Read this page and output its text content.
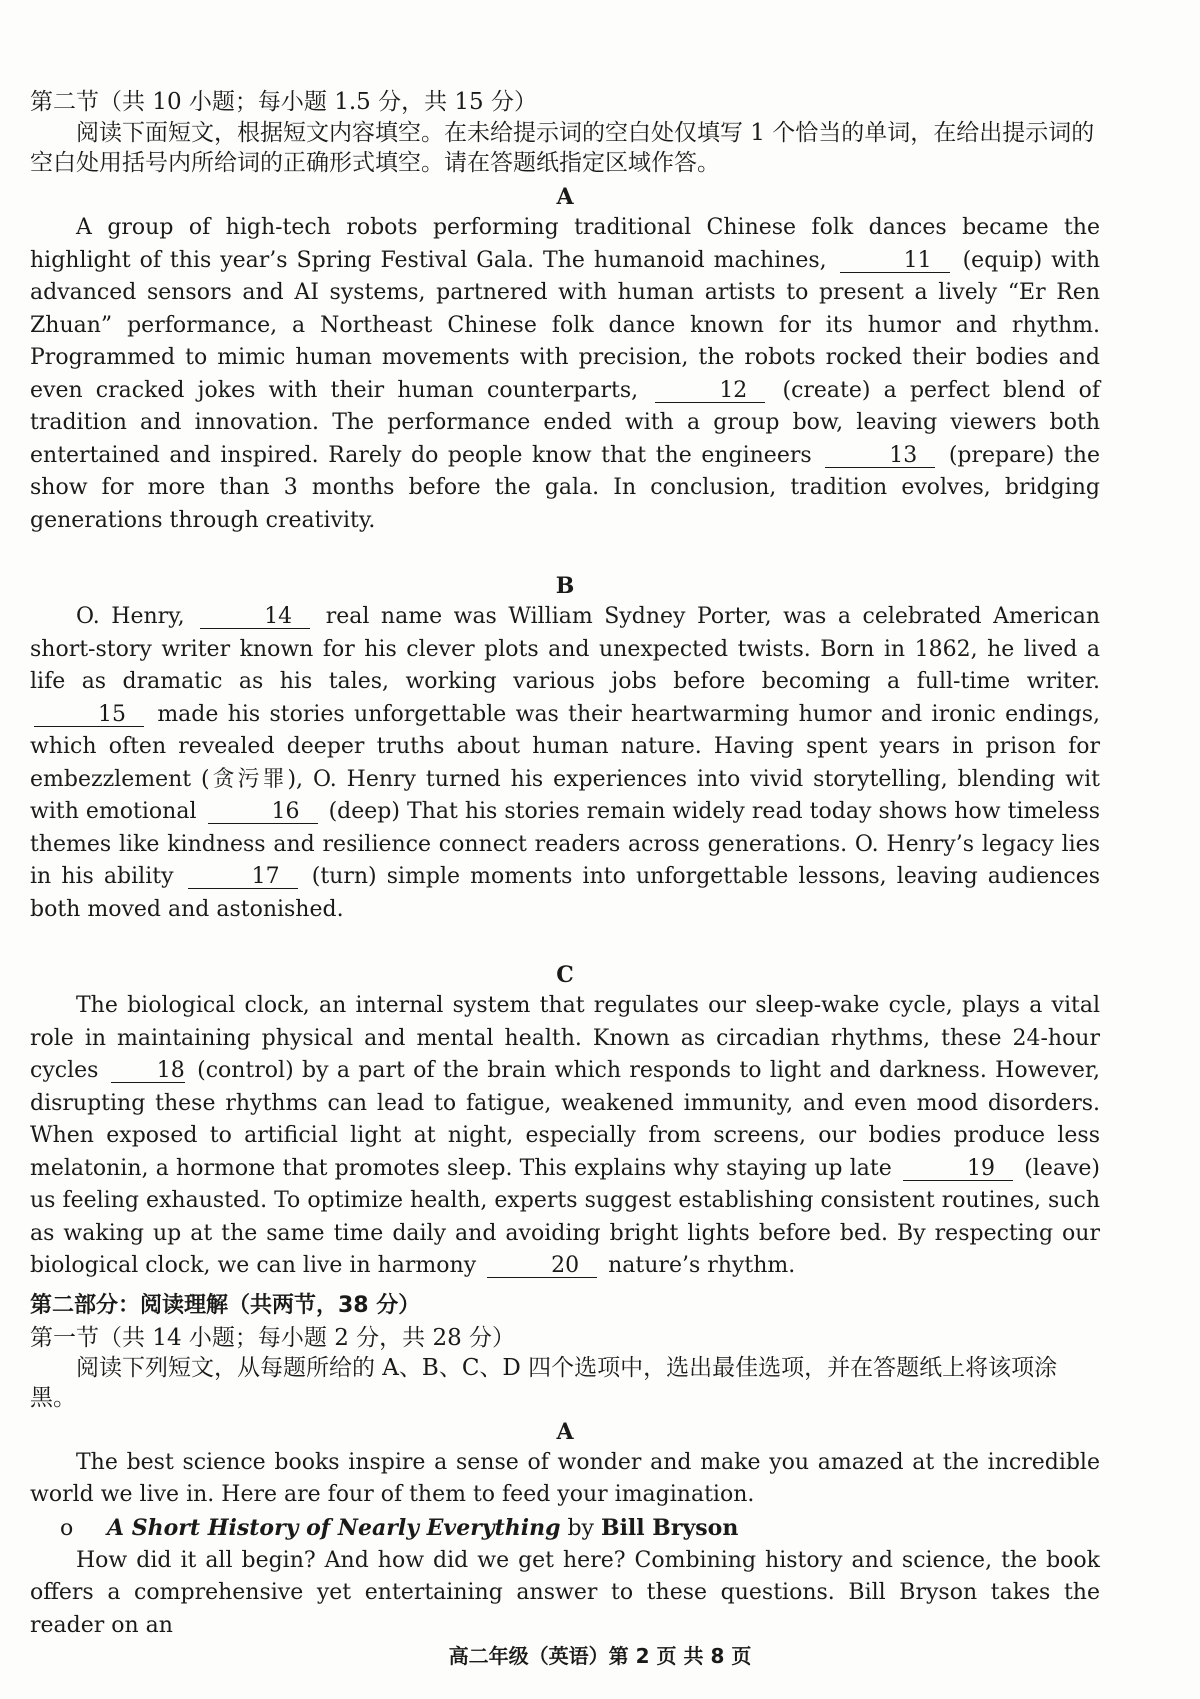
第二节（共 10 小题；每小题 1.5 分，共 15 分）

阅读下面短文，根据短文内容填空。在未给提示词的空白处仅填写 1 个恰当的单词，在给出提示词的空白处用括号内所给词的正确形式填空。请在答题纸指定区域作答。

A

A group of high-tech robots performing traditional Chinese folk dances became the highlight of this year’s Spring Festival Gala. The humanoid machines,	11 (equip) with advanced sensors and AI systems, partnered with human artists to present a lively “Er Ren Zhuan” performance, a Northeast Chinese folk dance known for its humor and rhythm. Programmed to mimic human movements with precision, the robots rocked their bodies and even cracked jokes with their human counterparts,	12 (create) a perfect blend of tradition and innovation. The performance ended with a group bow, leaving viewers both entertained and inspired. Rarely do people know that the engineers	13 (prepare) the show for more than 3 months before the gala. In conclusion, tradition evolves, bridging generations through creativity.

B

O. Henry,	14 real name was William Sydney Porter, was a celebrated American short-story writer known for his clever plots and unexpected twists. Born in 1862, he lived a life as dramatic as his tales, working various jobs before becoming a full-time writer. 15 made his stories unforgettable was their heartwarming humor and ironic endings, which often revealed deeper truths about human nature. Having spent years in prison for embezzlement (贪污罪), O. Henry turned his experiences into vivid storytelling, blending wit with emotional	16 (deep) That his stories remain widely read today shows how timeless themes like kindness and resilience connect readers across generations. O. Henry’s legacy lies in his ability	17 (turn) simple moments into unforgettable lessons, leaving audiences both moved and astonished.

C

The biological clock, an internal system that regulates our sleep-wake cycle, plays a vital role in maintaining physical and mental health. Known as circadian rhythms, these 24-hour cycles	18 (control) by a part of the brain which responds to light and darkness. However, disrupting these rhythms can lead to fatigue, weakened immunity, and even mood disorders. When exposed to artificial light at night, especially from screens, our bodies produce less melatonin, a hormone that promotes sleep. This explains why staying up late	19 (leave) us feeling exhausted. To optimize health, experts suggest establishing consistent routines, such as waking up at the same time daily and avoiding bright lights before bed. By respecting our biological clock, we can live in harmony	20 nature’s rhythm.

第二部分：阅读理解（共两节，38 分）

第一节（共 14 小题；每小题 2 分，共 28 分）

阅读下列短文，从每题所给的 A、B、C、D 四个选项中，选出最佳选项，并在答题纸上将该项涂黑。

A

The best science books inspire a sense of wonder and make you amazed at the incredible world we live in. Here are four of them to feed your imagination.

o A Short History of Nearly Everything by Bill Bryson

How did it all begin? And how did we get here? Combining history and science, the book offers a comprehensive yet entertaining answer to these questions. Bill Bryson takes the reader on an

高二年级（英语）第 2 页 共 8 页
